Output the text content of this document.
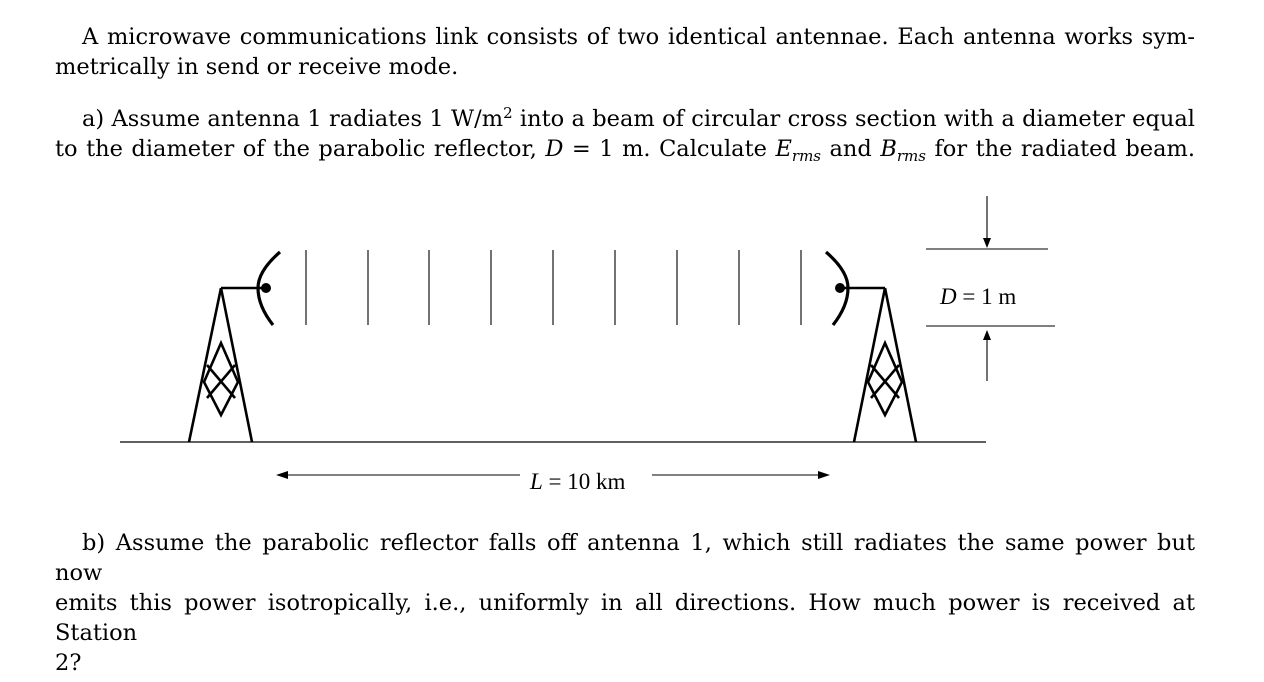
A microwave communications link consists of two identical antennae. Each antenna works sym-
metrically in send or receive mode.
a) Assume antenna 1 radiates 1 $W/m^2$ into a beam of circular cross section with a diameter equal
to the diameter of the parabolic reflector, D = 1 m. Calculate $E_{rms}$ and $B_{rms}$ for the radiated beam.
D = 1 m
L = 10 km
b) Assume the parabolic reflector falls off antenna 1, which still radiates the same power but now
emits this power isotropically, i.e., uniformly in all directions. How much power is received at Station
2?
